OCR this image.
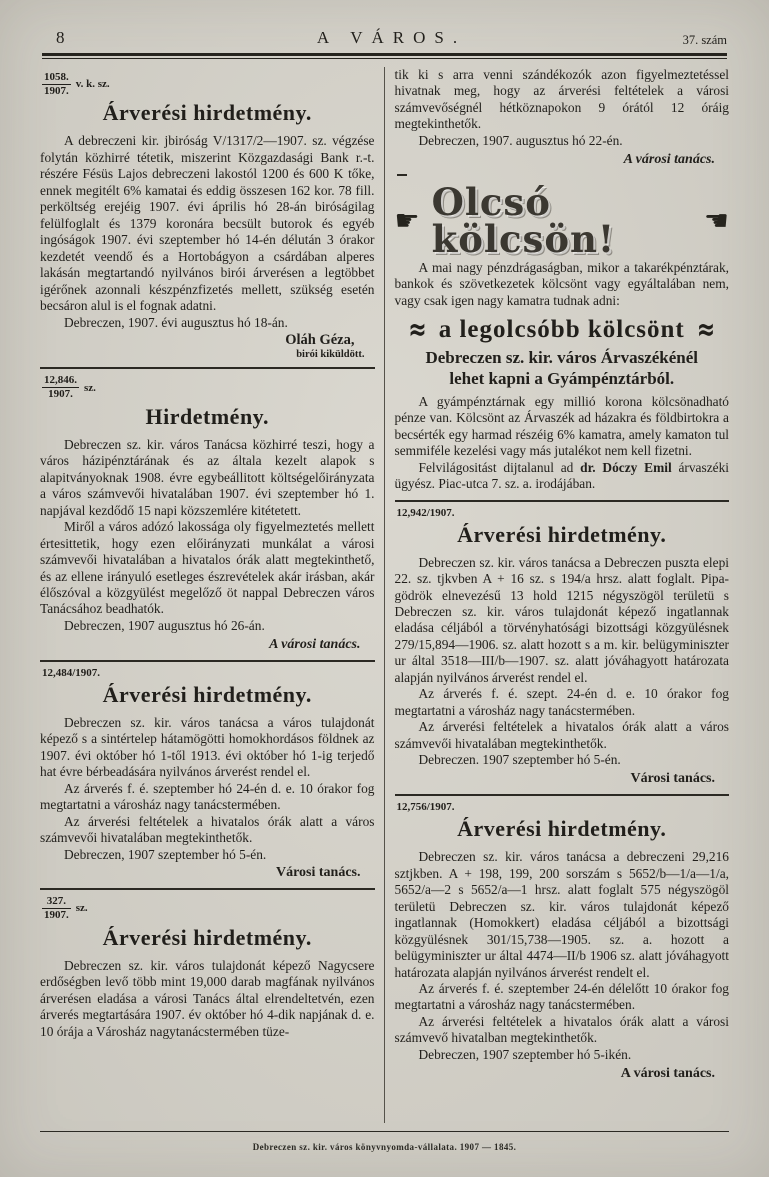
8	A VÁROS.	37. szám
$\frac{1058.}{1907.} v$. k. sz.
Árverési hirdetmény.

A debreczeni kir. jbiróság V/1317/2—1907. sz. végzése folytán közhirré tétetik, miszerint Közgazdasági Bank r.-t. részére Fésüs Lajos debreczeni lakostól 1200 és 600 K tőke, ennek megitélt 6% kamatai és eddig összesen 162 kor. 78 fill. perköltség erejéig 1907. évi április hó 28-án biróságilag felülfoglalt és 1379 koronára becsült butorok és egyéb ingóságok 1907. évi szeptember hó 14-én délután 3 órakor kezdetét veendő és a Hortobágyon a csárdában alperes lakásán megtartandó nyilvános birói árverésen a legtöbbet igérőnek azonnali készpénzfizetés mellett, szükség esetén becsáron alul is el fognak adatni.

Debreczen, 1907. évi augusztus hó 18-án.

Oláh Géza,
birói kiküldött.
$\frac{12,846.}{1907.}$ sz.
Hirdetmény.

Debreczen sz. kir. város Tanácsa közhirré teszi, hogy a város házipénztárának és az általa kezelt alapok s alapitványoknak 1908. évre egybeállitott költségelőirányzata a város számvevői hivatalában 1907. évi szeptember hó 1. napjával kezdődő 15 napi közszemlére kitétetett.

Miről a város adózó lakossága oly figyelmeztetés mellett értesittetik, hogy ezen előirányzati munkálat a városi számvevői hivatalában a hivatalos órák alatt megtekinthető, és az ellene irányuló esetleges észrevételek akár irásban, akár élőszóval a közgyülést megelőző öt nappal Debreczen város Tanácsához beadhatók.

Debreczen, 1907 augusztus hó 26-án.

A városi tanács.
12,484/1907.
Árverési hirdetmény.

Debreczen sz. kir. város tanácsa a város tulajdonát képező s a sintértelep hátamögötti homokhordásos földnek az 1907. évi október hó 1-től 1913. évi október hó 1-ig terjedő hat évre bérbeadására nyilvános árverést rendel el.

Az árverés f. é. szeptember hó 24-én d. e. 10 órakor fog megtartatni a városház nagy tanácstermében.

Az árverési feltételek a hivatalos órák alatt a város számvevői hivatalában megtekinthetők.

Debreczen, 1907 szeptember hó 5-én.

Városi tanács.
$\frac{327.}{1907.}$ sz.
Árverési hirdetmény.

Debreczen sz. kir. város tulajdonát képező Nagycsere erdőségben levő több mint 19,000 darab magfának nyilvános árverésen eladása a városi Tanács által elrendeltetvén, ezen árverés megtartására 1907. év október hó 4-dik napjának d. e. 10 órája a Városház nagytanácstermében tüze-

tik ki s arra venni szándékozók azon figyelmeztetéssel hivatnak meg, hogy az árverési feltételek a városi számvevőségnél hétköznapokon 9 órától 12 óráig megtekinthetők.

Debreczen, 1907. augusztus hó 22-én.

A városi tanács.
☛ Olcsó kölcsön!	☚

A mai nagy pénzdrágaságban, mikor a takarékpénztárak, bankok és szövetkezetek kölcsönt vagy egyáltalában nem, vagy csak igen nagy kamatra tudnak adni:

≈ a legolcsóbb kölcsönt ≈
Debreczen sz. kir. város Árvaszékénél lehet kapni a Gyámpénztárból.

A gyámpénztárnak egy millió korona kölcsönadható pénze van. Kölcsönt az Árvaszék ad házakra és földbirtokra a becsérték egy harmad részéig 6% kamatra, amely kamaton tul semmiféle kezelési vagy más jutalékot nem kell fizetni.

Felvilágositást dijtalanul ad dr. Dóczy Emil árvaszéki ügyész. Piac-utca 7. sz. a. irodájában.

12,942/1907.
Árverési hirdetmény.

Debreczen sz. kir. város tanácsa a Debreczen puszta elepi 22. sz. tjkvben A + 16 sz. s 194/a hrsz. alatt foglalt. Pipa-gödrök elnevezésű 13 hold 1215 négyszögöl területü s Debreczen sz. kir. város tulajdonát képező ingatlannak eladása céljából a törvényhatósági bizottsági közgyülésnek 279/15,894—1906. sz. alatt hozott s a m. kir. belügyminiszter ur által 3518—III/b—1907. sz. alatt jóváhagyott határozata alapján nyilvános árverést rendel el.

Az árverés f. é. szept. 24-én d. e. 10 órakor fog megtartatni a városház nagy tanácstermében.

Az árverési feltételek a hivatalos órák alatt a város számvevői hivatalában megtekinthetők.

Debreczen. 1907 szeptember hó 5-én.

Városi tanács.
12,756/1907.
Árverési hirdetmény.

Debreczen sz. kir. város tanácsa a debreczeni 29,216 sztjkben. A + 198, 199, 200 sorszám s 5652/b—1/a—1/a, 5652/a—2 s 5652/a—1 hrsz. alatt foglalt 575 négyszögöl területü Debreczen sz. kir. város tulajdonát képező ingatlannak (Homokkert) eladása céljából a bizottsági közgyülésnek 301/15,738—1905. sz. a. hozott a belügyminiszter ur által 4474—II/b 1906 sz. alatt jóváhagyott határozata alapján nyilvános árverést rendelt el.

Az árverés f. é. szeptember 24-én délelőtt 10 órakor fog megtartatni a városház nagy tanácstermében.

Az árverési feltételek a hivatalos órák alatt a városi számvevő hivatalban megtekinthetők.

Debreczen, 1907 szeptember hó 5-ikén.

A városi tanács.
Debreczen sz. kir. város könyvnyomda-vállalata. 1907 — 1845.
